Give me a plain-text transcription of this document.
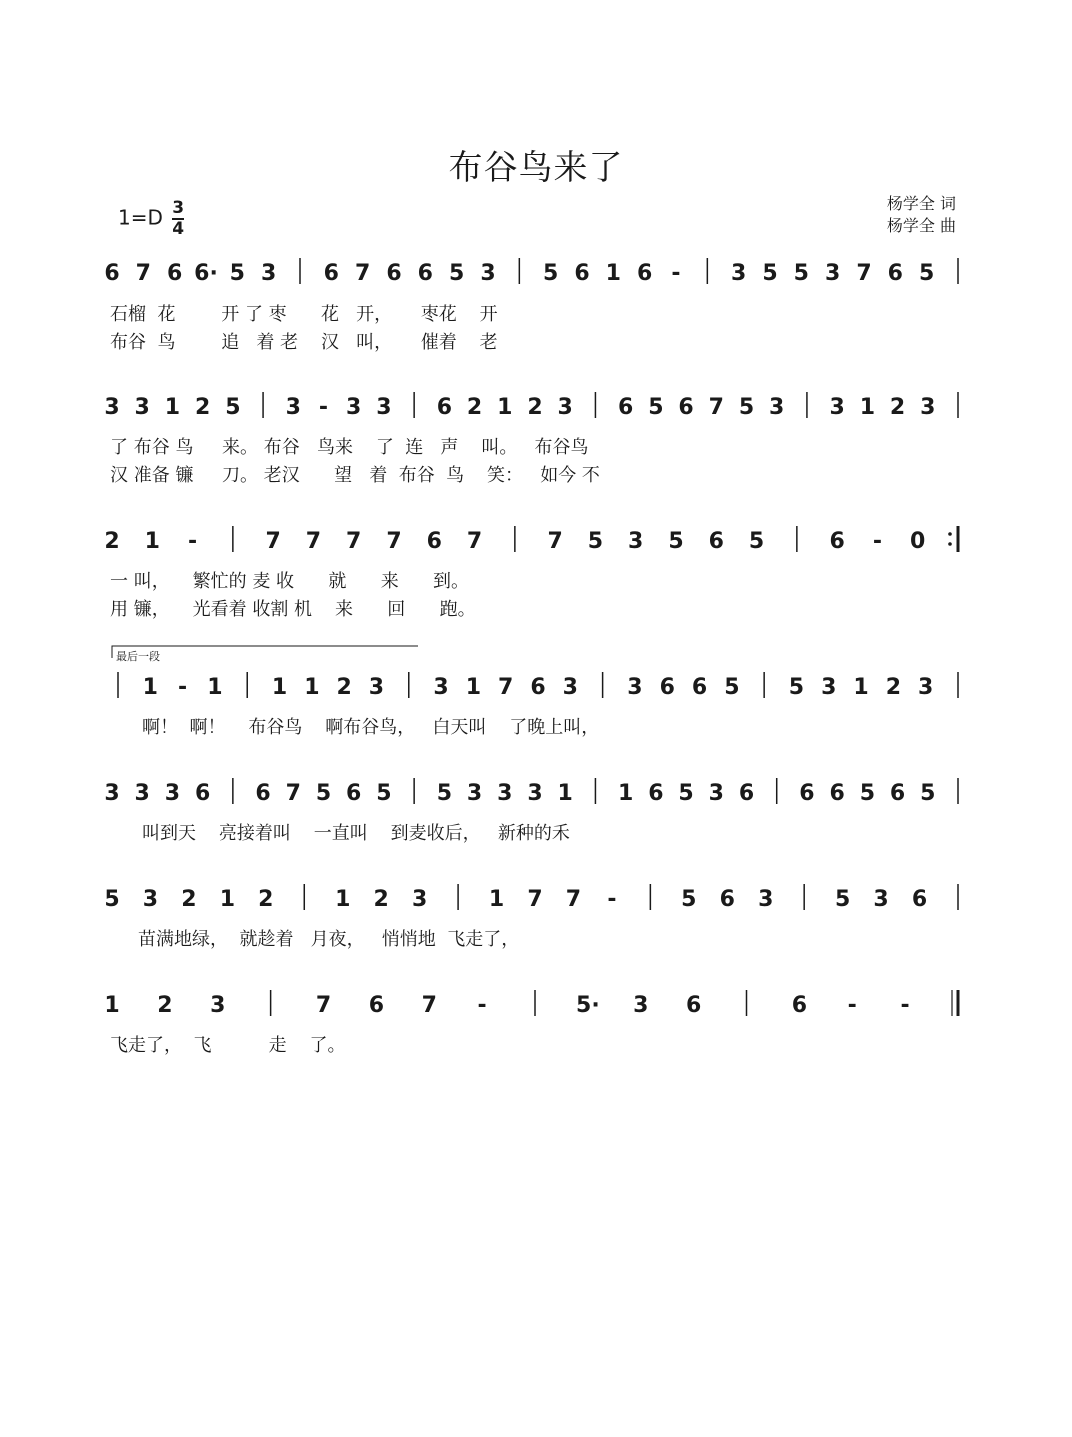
布谷鸟来了
$1=D \frac{3}{4}$	杨学全 词
杨学全 曲
最后一段
6 7 6 6· 5 3 6 7 6 6 5 3 5 6 1 6 - 3 5 5 3 7 6 5
3 3 1 2 5 3 - 3 3 6 2 1 2 3 6 5 6 7 5 3 3 1 2 3
2 1 -	7 7 7 7 6 7	7 5 3 5 6 5	6 - 0
1 - 1 1 1 2 3 3 1 7 6 3 3 6 6 5 5 3 1 2 3
3 3 3 6 6 7 5 6 5 5 3 3 3 1 1 6 5 3 6 6 6 5 6 5
5 3 2 1 2	1 2 3	1 7 7 -	5 6 3	5 3 6
1 2 3	7 6 7 -	5· 3 6	6 - -
石榴  花        开 了 枣      花   开，     枣花    开
布谷  鸟        追   着 老    汉   叫，     催着    老
了 布谷 鸟     来。 布谷   鸟来    了  连   声    叫。   布谷鸟
汉 准备 镰     刀。 老汉      望   着  布谷  鸟    笑：   如今 不
一 叫，    繁忙的 麦 收      就      来      到。
用 镰，    光看着 收割 机    来      回      跑。
啊！  啊！    布谷鸟    啊布谷鸟，   白天叫    了晚上叫，
叫到天    亮接着叫    一直叫    到麦收后，   新种的禾
苗满地绿，  就趁着   月夜，   悄悄地  飞走了，
飞走了，  飞          走    了。
